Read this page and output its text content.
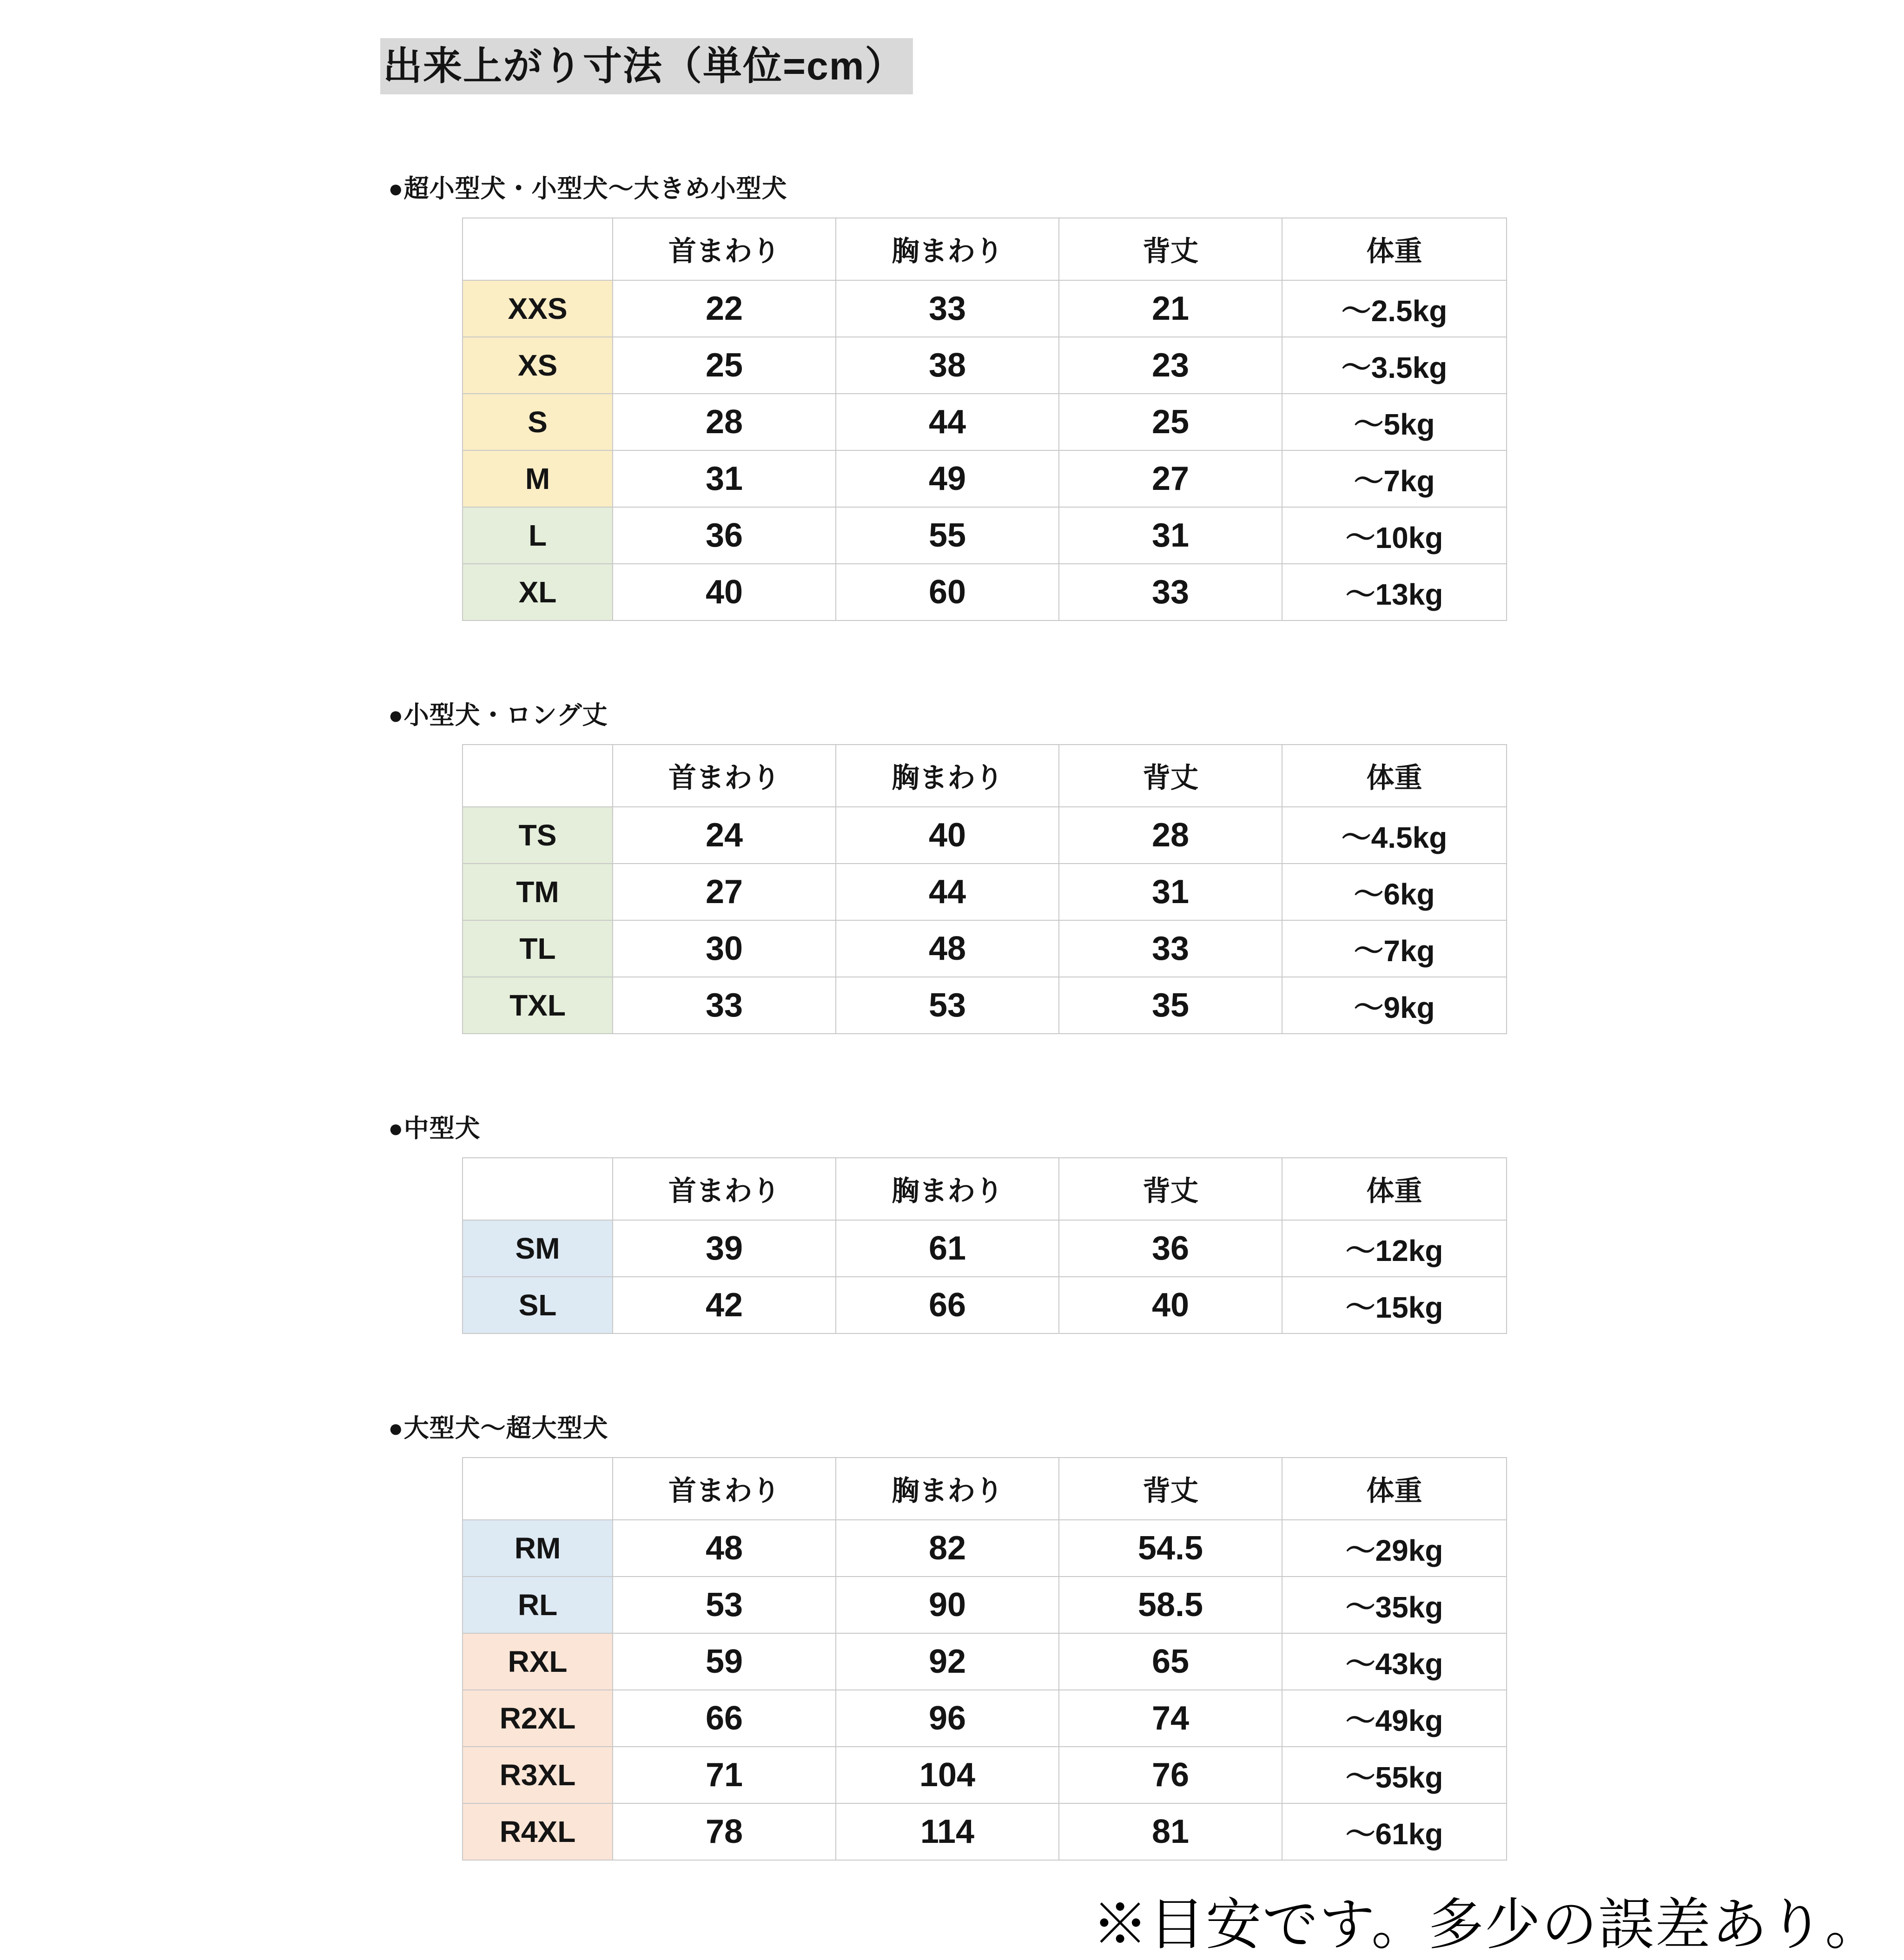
出来上がり寸法（単位=cm）
●超小型犬・小型犬～大きめ小型犬
	首まわり	胸まわり	背丈	体重
XXS	22	33	21	～2.5kg
XS	25	38	23	～3.5kg
S	28	44	25	～5kg
M	31	49	27	～7kg
L	36	55	31	～10kg
XL	40	60	33	～13kg
●小型犬・ロング丈
	首まわり	胸まわり	背丈	体重
TS	24	40	28	～4.5kg
TM	27	44	31	～6kg
TL	30	48	33	～7kg
TXL	33	53	35	～9kg
●中型犬
	首まわり	胸まわり	背丈	体重
SM	39	61	36	～12kg
SL	42	66	40	～15kg
●大型犬～超大型犬
	首まわり	胸まわり	背丈	体重
RM	48	82	54.5	～29kg
RL	53	90	58.5	～35kg
RXL	59	92	65	～43kg
R2XL	66	96	74	～49kg
R3XL	71	104	76	～55kg
R4XL	78	114	81	～61kg
※目安です。多少の誤差あり。
